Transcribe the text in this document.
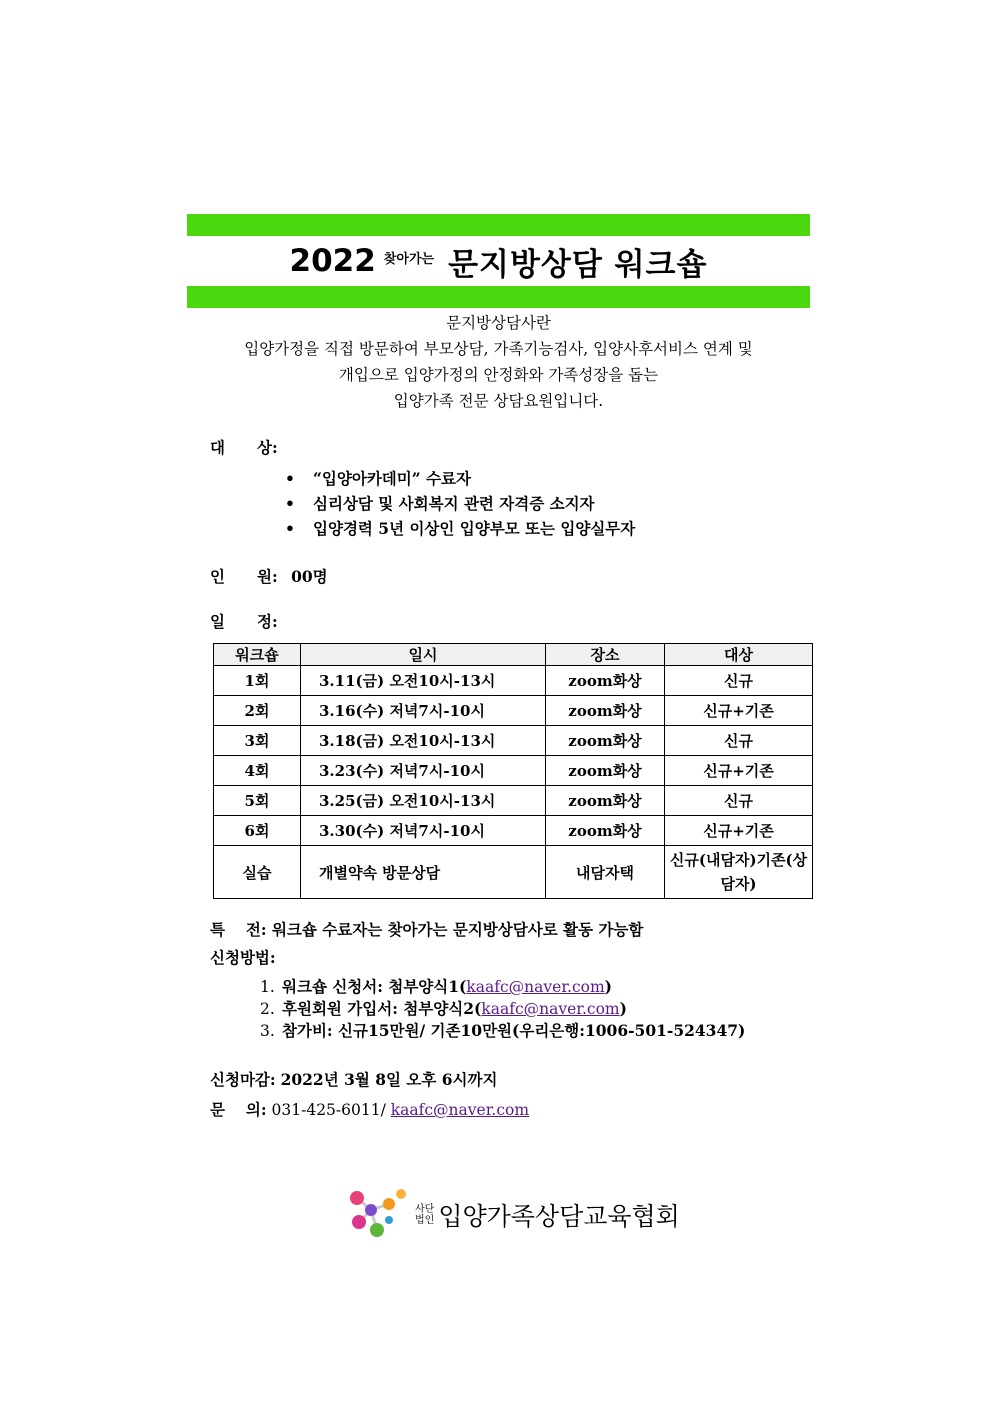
2022 찾아가는 문지방상담 워크숍
문지방상담사란
입양가정을 직접 방문하여 부모상담, 가족기능검사, 입양사후서비스 연계 및
개입으로 입양가정의 안정화와 가족성장을 돕는
입양가족 전문 상담요원입니다.
대 상:
• “입양아카데미” 수료자
• 심리상담 및 사회복지 관련 자격증 소지자
• 입양경력 5년 이상인 입양부모 또는 입양실무자
인 원: 00명
일 정:
워크숍	일시	장소	대상
1회	3.11(금) 오전10시-13시	zoom화상	신규
2회	3.16(수) 저녁7시-10시	zoom화상	신규+기존
3회	3.18(금) 오전10시-13시	zoom화상	신규
4회	3.23(수) 저녁7시-10시	zoom화상	신규+기존
5회	3.25(금) 오전10시-13시	zoom화상	신규
6회	3.30(수) 저녁7시-10시	zoom화상	신규+기존
실습	개별약속 방문상담	내담자택	신규(내담자)기존(상담자)
특　 전: 워크숍 수료자는 찾아가는 문지방상담사로 활동 가능함
신청방법:
1. 워크숍 신청서: 첨부양식1(kaafc@naver.com)
2. 후원회원 가입서: 첨부양식2(kaafc@naver.com)
3. 참가비: 신규15만원/ 기존10만원(우리은행:1006-501-524347)
신청마감: 2022년 3월 8일 오후 6시까지
문　 의: 031-425-6011/ kaafc@naver.com
사단
법인 입양가족상담교육협회
